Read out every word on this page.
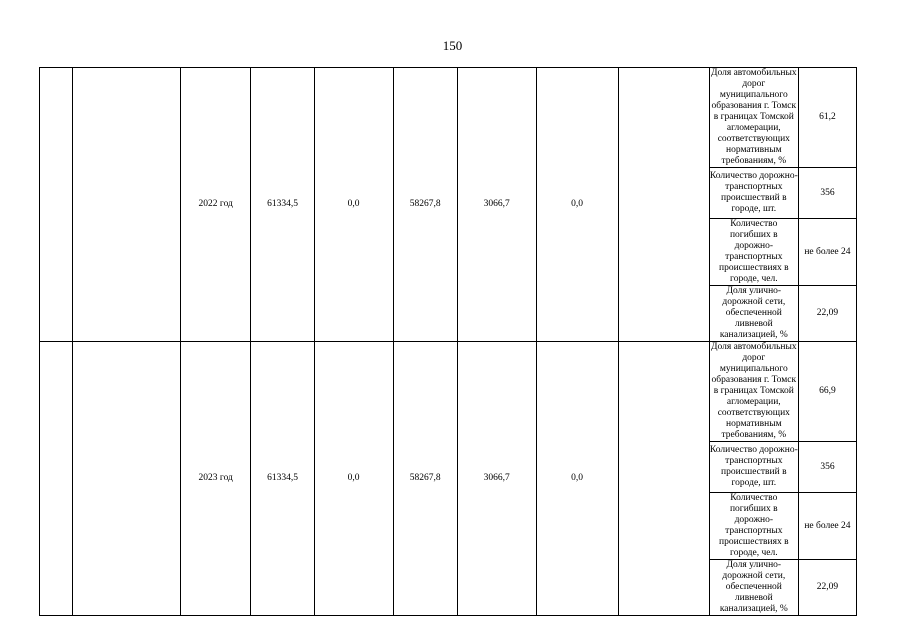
150
		2022 год	61334,5	0,0	58267,8	3066,7	0,0		Доля автомобильных дорог муниципального образования г. Томск в границах Томской агломерации, соответствующих нормативным требованиям, %	61,2
									Количество дорожно-транспортных происшествий в городе, шт.	356
									Количество погибших в дорожно-транспортных происшествиях в городе, чел.	не более 24
									Доля улично-дорожной сети, обеспеченной ливневой канализацией, %	22,09
		2023 год	61334,5	0,0	58267,8	3066,7	0,0		Доля автомобильных дорог муниципального образования г. Томск в границах Томской агломерации, соответствующих нормативным требованиям, %	66,9
									Количество дорожно-транспортных происшествий в городе, шт.	356
									Количество погибших в дорожно-транспортных происшествиях в городе, чел.	не более 24
									Доля улично-дорожной сети, обеспеченной ливневой канализацией, %	22,09
